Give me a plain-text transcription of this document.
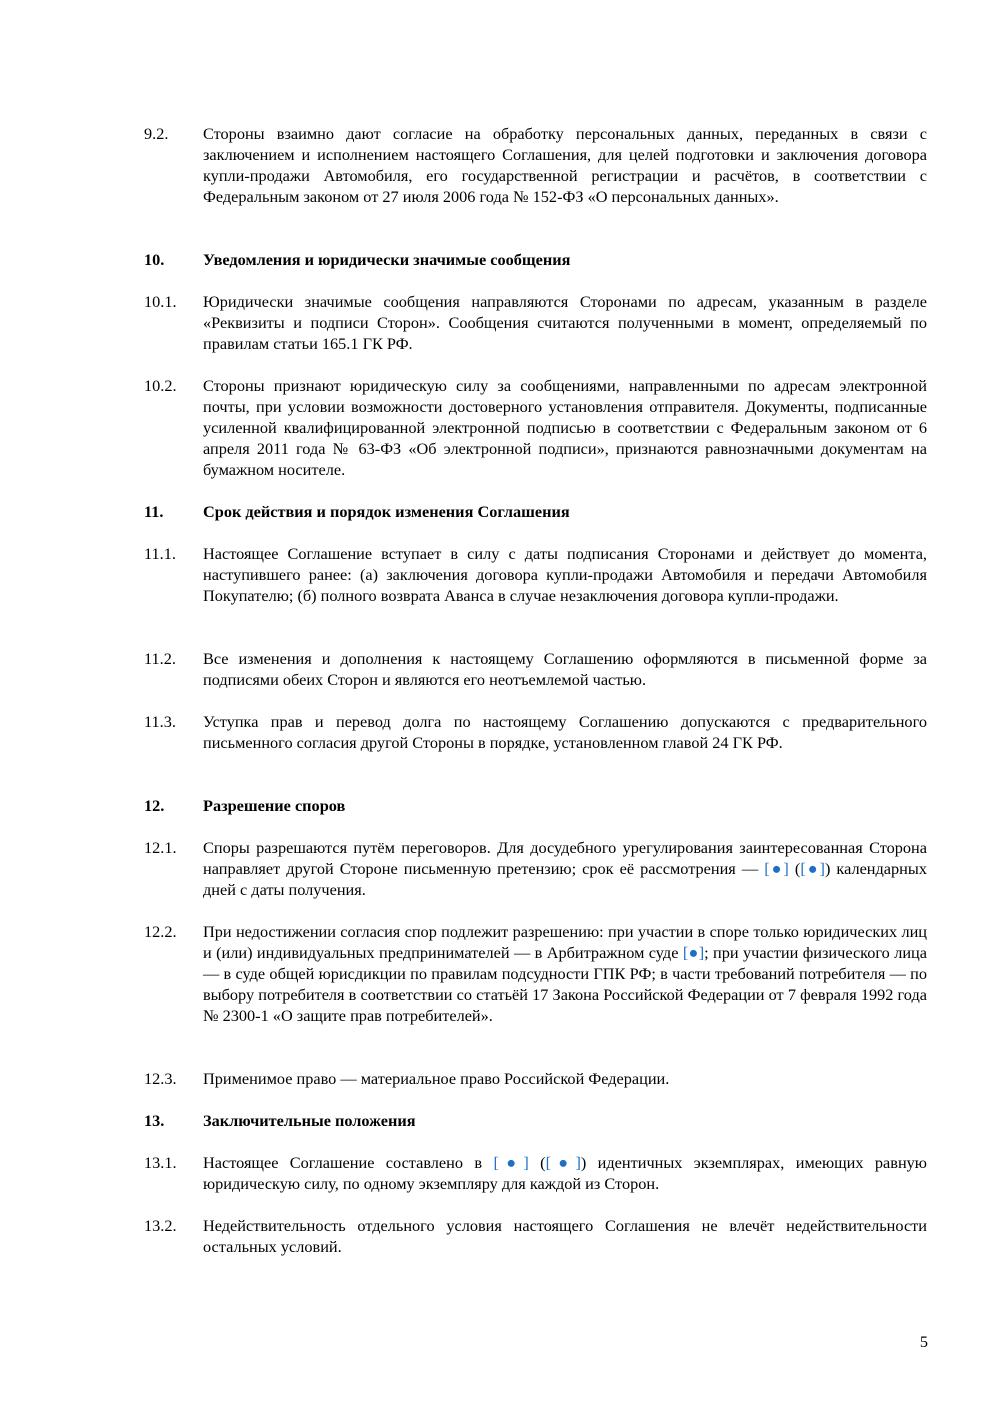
9.2.	Стороны взаимно дают согласие на обработку персональных данных, переданных в связи с заключением и исполнением настоящего Соглашения, для целей подготовки и заключения договора купли-продажи Автомобиля, его государственной регистрации и расчётов, в соответствии с Федеральным законом от 27 июля 2006 года № 152-ФЗ «О персональных данных».
10.	Уведомления и юридически значимые сообщения
10.1.	Юридически значимые сообщения направляются Сторонами по адресам, указанным в разделе «Реквизиты и подписи Сторон». Сообщения считаются полученными в момент, определяемый по правилам статьи 165.1 ГК РФ.
10.2.	Стороны признают юридическую силу за сообщениями, направленными по адресам электронной почты, при условии возможности достоверного установления отправителя. Документы, подписанные усиленной квалифицированной электронной подписью в соответствии с Федеральным законом от 6 апреля 2011 года № 63-ФЗ «Об электронной подписи», признаются равнозначными документам на бумажном носителе.
11.	Срок действия и порядок изменения Соглашения
11.1.	Настоящее Соглашение вступает в силу с даты подписания Сторонами и действует до момента, наступившего ранее: (а) заключения договора купли-продажи Автомобиля и передачи Автомобиля Покупателю; (б) полного возврата Аванса в случае незаключения договора купли-продажи.
11.2.	Все изменения и дополнения к настоящему Соглашению оформляются в письменной форме за подписями обеих Сторон и являются его неотъемлемой частью.
11.3.	Уступка прав и перевод долга по настоящему Соглашению допускаются с предварительного письменного согласия другой Стороны в порядке, установленном главой 24 ГК РФ.
12.	Разрешение споров
12.1.	Споры разрешаются путём переговоров. Для досудебного урегулирования заинтересованная Сторона направляет другой Стороне письменную претензию; срок её рассмотрения — [●] ([●]) календарных дней с даты получения.
12.2.	При недостижении согласия спор подлежит разрешению: при участии в споре только юридических лиц и (или) индивидуальных предпринимателей — в Арбитражном суде [●]; при участии физического лица — в суде общей юрисдикции по правилам подсудности ГПК РФ; в части требований потребителя — по выбору потребителя в соответствии со статьёй 17 Закона Российской Федерации от 7 февраля 1992 года № 2300-1 «О защите прав потребителей».
12.3.	Применимое право — материальное право Российской Федерации.
13.	Заключительные положения
13.1.	Настоящее Соглашение составлено в [●] ([●]) идентичных экземплярах, имеющих равную юридическую силу, по одному экземпляру для каждой из Сторон.
13.2.	Недействительность отдельного условия настоящего Соглашения не влечёт недействительности остальных условий.
5
